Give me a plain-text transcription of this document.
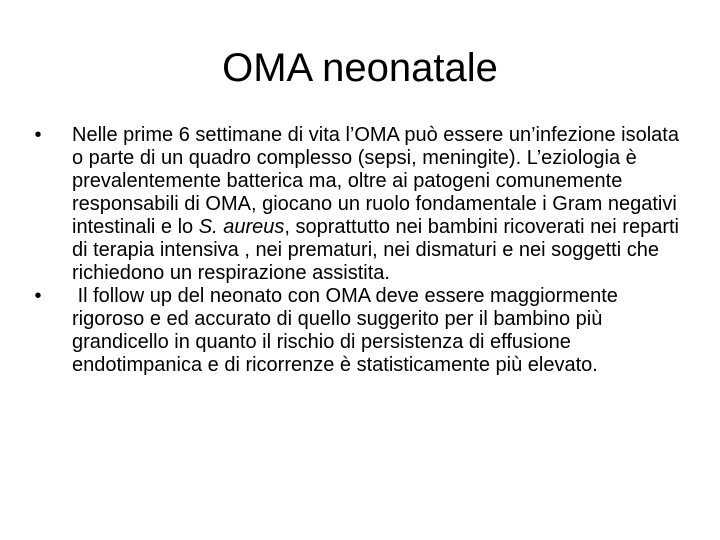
OMA neonatale
•	Nelle prime 6 settimane di vita l’OMA può essere un’infezione isolata o parte di un quadro complesso (sepsi, meningite). L’eziologia è prevalentemente batterica ma, oltre ai patogeni comunemente responsabili di OMA, giocano un ruolo fondamentale i Gram negativi intestinali e lo S. aureus, soprattutto nei bambini ricoverati nei reparti di terapia intensiva , nei prematuri, nei dismaturi e nei soggetti che richiedono un respirazione assistita.
•	Il follow up del neonato con OMA deve essere maggiormente rigoroso e ed accurato di quello suggerito per il bambino più grandicello in quanto il rischio di persistenza di effusione endotimpanica e di ricorrenze è statisticamente più elevato.
